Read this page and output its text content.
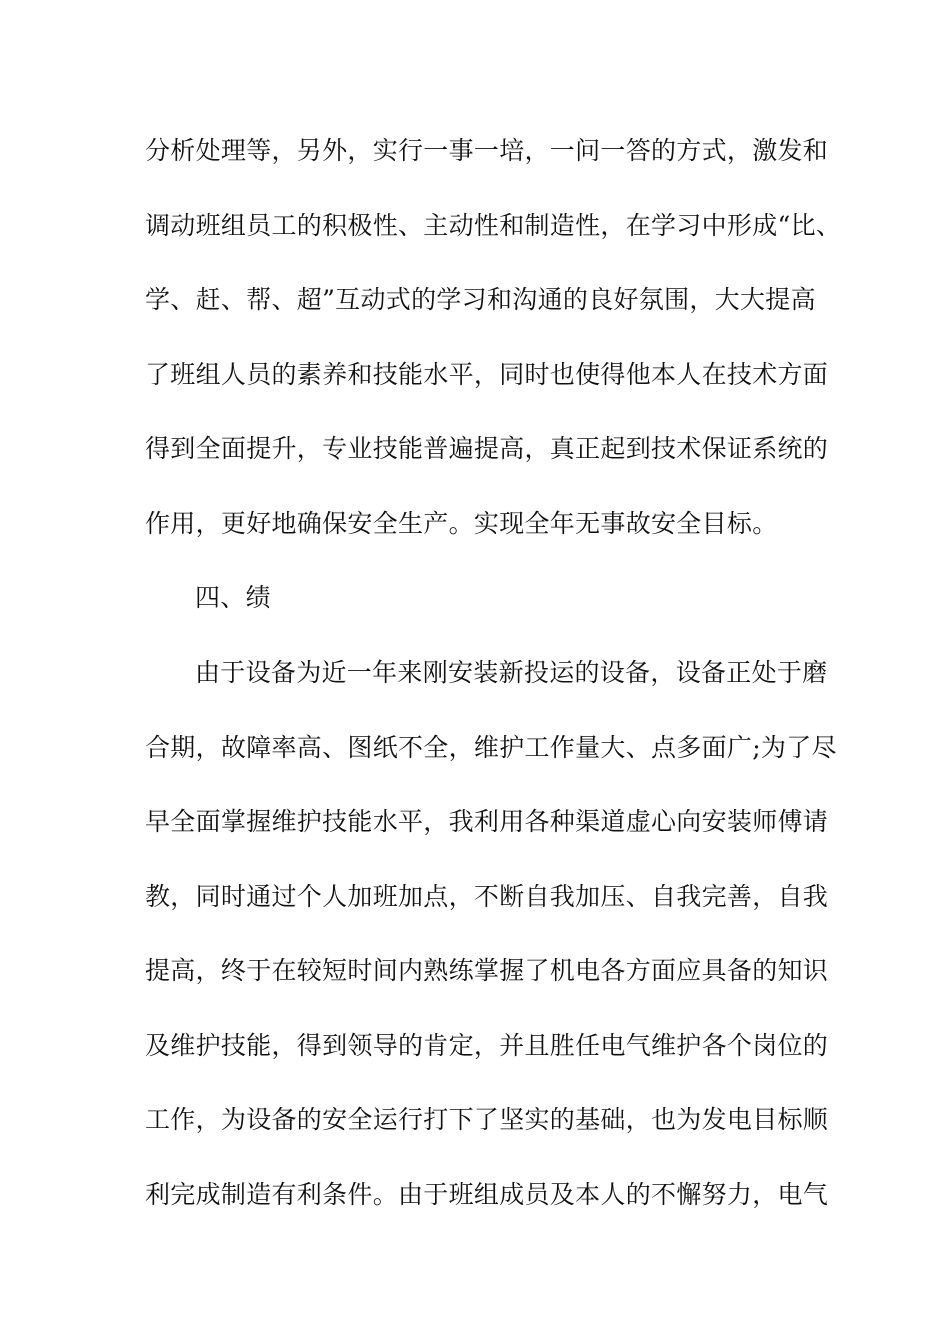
分析处理等，另外，实行一事一培，一问一答的方式，激发和
调动班组员工的积极性、主动性和制造性，在学习中形成“比、
学、赶、帮、超”互动式的学习和沟通的良好氛围，大大提高
了班组人员的素养和技能水平，同时也使得他本人在技术方面
得到全面提升，专业技能普遍提高，真正起到技术保证系统的
作用，更好地确保安全生产。实现全年无事故安全目标。
四、绩
由于设备为近一年来刚安装新投运的设备，设备正处于磨
合期，故障率高、图纸不全，维护工作量大、点多面广;为了尽
早全面掌握维护技能水平，我利用各种渠道虚心向安装师傅请
教，同时通过个人加班加点，不断自我加压、自我完善，自我
提高，终于在较短时间内熟练掌握了机电各方面应具备的知识
及维护技能，得到领导的肯定，并且胜任电气维护各个岗位的
工作，为设备的安全运行打下了坚实的基础，也为发电目标顺
利完成制造有利条件。由于班组成员及本人的不懈努力，电气
